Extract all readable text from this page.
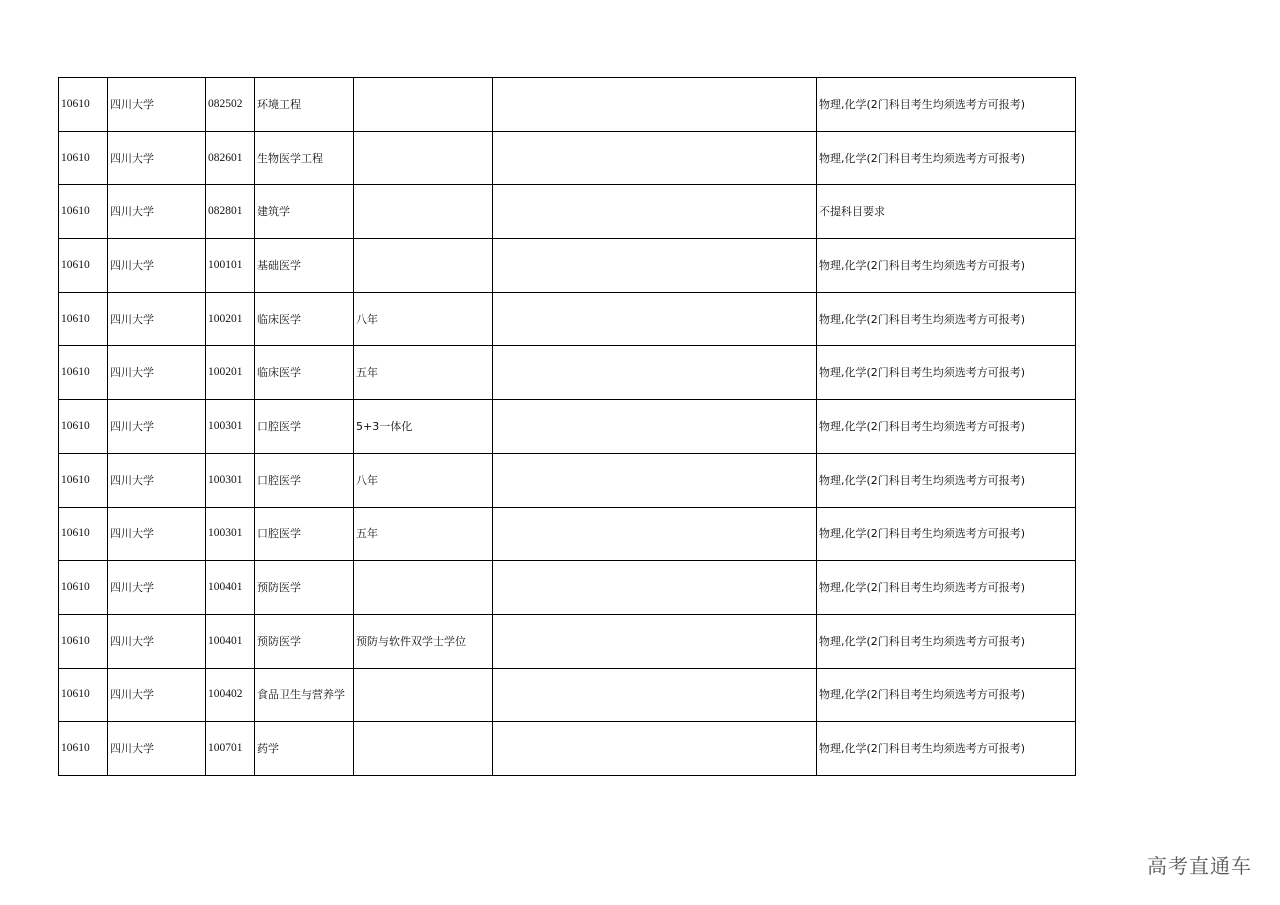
10610	四川大学	082502	环境工程			物理,化学(2门科目考生均须选考方可报考)
10610	四川大学	082601	生物医学工程			物理,化学(2门科目考生均须选考方可报考)
10610	四川大学	082801	建筑学			不提科目要求
10610	四川大学	100101	基础医学			物理,化学(2门科目考生均须选考方可报考)
10610	四川大学	100201	临床医学	八年		物理,化学(2门科目考生均须选考方可报考)
10610	四川大学	100201	临床医学	五年		物理,化学(2门科目考生均须选考方可报考)
10610	四川大学	100301	口腔医学	5+3一体化		物理,化学(2门科目考生均须选考方可报考)
10610	四川大学	100301	口腔医学	八年		物理,化学(2门科目考生均须选考方可报考)
10610	四川大学	100301	口腔医学	五年		物理,化学(2门科目考生均须选考方可报考)
10610	四川大学	100401	预防医学			物理,化学(2门科目考生均须选考方可报考)
10610	四川大学	100401	预防医学	预防与软件双学士学位		物理,化学(2门科目考生均须选考方可报考)
10610	四川大学	100402	食品卫生与营养学			物理,化学(2门科目考生均须选考方可报考)
10610	四川大学	100701	药学			物理,化学(2门科目考生均须选考方可报考)
高考直通车
